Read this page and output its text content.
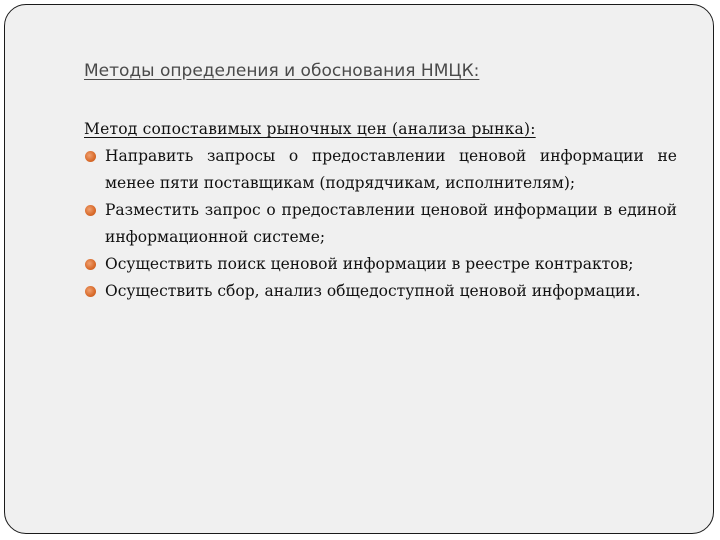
Методы определения и обоснования НМЦК:
Метод сопоставимых рыночных цен (анализа рынка):
Направить запросы о предоставлении ценовой информации не менее пяти поставщикам (подрядчикам, исполнителям);
Разместить запрос о предоставлении ценовой информации в единой информационной системе;
Осуществить поиск ценовой информации в реестре контрактов;
Осуществить сбор, анализ общедоступной ценовой информации.
